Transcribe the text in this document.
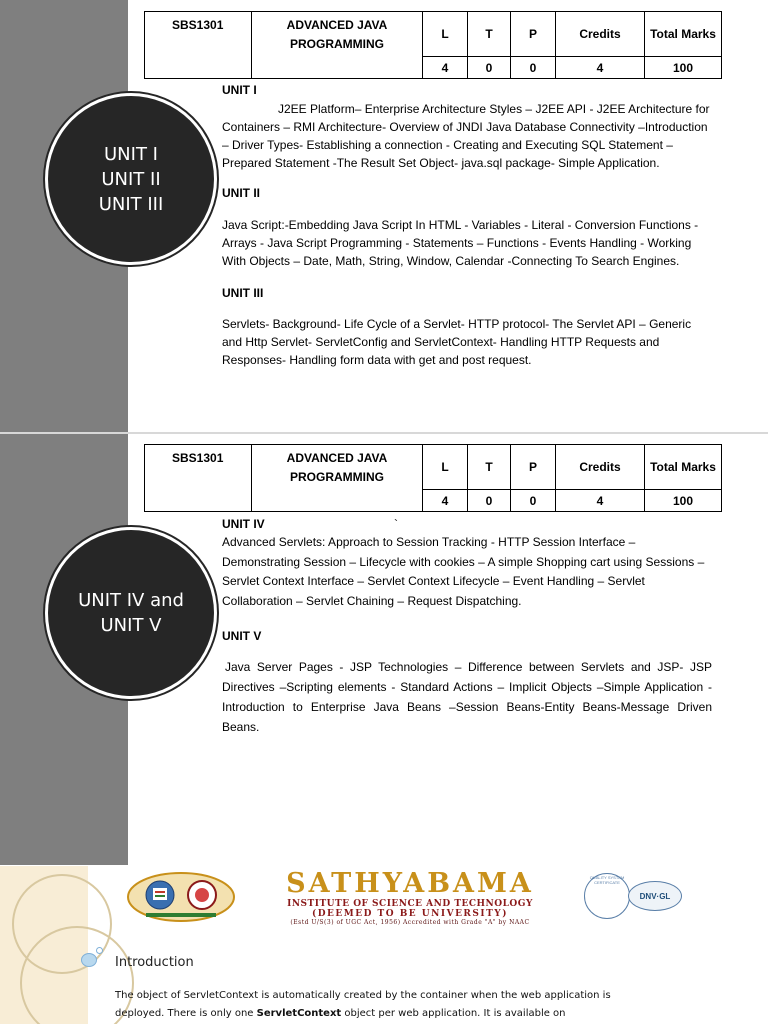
UNIT I
UNIT II
UNIT III
SBS1301	ADVANCED JAVA PROGRAMMING	L	T	P	Credits	Total Marks
		4	0	0	4	100
UNIT I

J2EE Platform– Enterprise Architecture Styles – J2EE API - J2EE Architecture for Containers – RMI Architecture- Overview of JNDI Java Database Connectivity –Introduction – Driver Types- Establishing a connection - Creating and Executing SQL Statement – Prepared Statement -The Result Set Object- java.sql package- Simple Application.

UNIT II

Java Script:-Embedding Java Script In HTML - Variables - Literal - Conversion Functions - Arrays - Java Script Programming - Statements – Functions - Events Handling - Working With Objects – Date, Math, String, Window, Calendar -Connecting To Search Engines.

UNIT III

Servlets- Background- Life Cycle of a Servlet- HTTP protocol- The Servlet API – Generic and Http Servlet- ServletConfig and ServletContext- Handling HTTP Requests and Responses- Handling form data with get and post request.

UNIT IV and
UNIT V
SBS1301	ADVANCED JAVA PROGRAMMING	L	T	P	Credits	Total Marks
		4	0	0	4	100
UNIT IV	`

Advanced Servlets: Approach to Session Tracking - HTTP Session Interface – Demonstrating Session – Lifecycle with cookies – A simple Shopping cart using Sessions – Servlet Context Interface – Servlet Context Lifecycle – Event Handling – Servlet Collaboration – Servlet Chaining – Request Dispatching.

UNIT V

Java Server Pages - JSP Technologies – Difference between Servlets and JSP- JSP Directives –Scripting elements - Standard Actions – Implicit Objects –Simple Application - Introduction to Enterprise Java Beans –Session Beans-Entity Beans-Message Driven Beans.

SATHYABAMA
INSTITUTE OF SCIENCE AND TECHNOLOGY
(DEEMED TO BE UNIVERSITY)
(Estd U/S(3) of UGC Act, 1956) Accredited with Grade "A" by NAAC
QUALITY SYSTEM CERTIFICATE
DNV·GL
Introduction
The object of ServletContext is automatically created by the container when the web application is
deployed. There is only one ServletContext object per web application. It is available on
